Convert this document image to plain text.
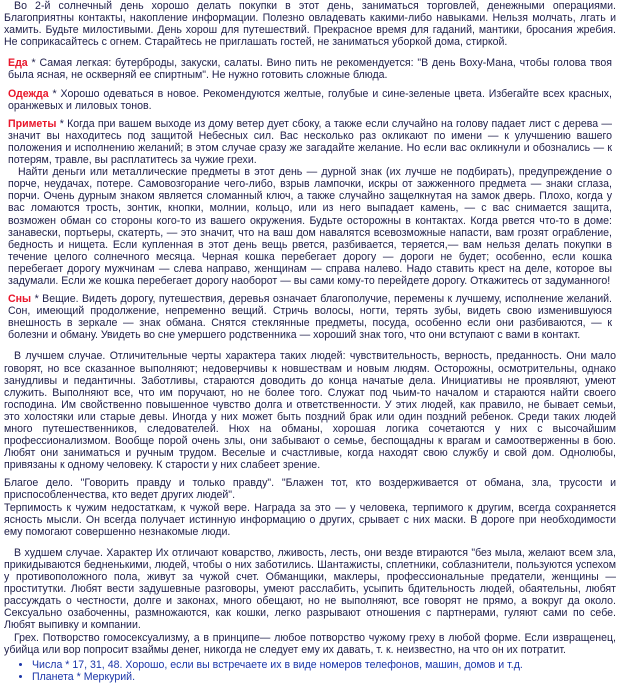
Во 2-й солнечный день хорошо делать покупки в этот день, заниматься торговлей, денежными операциями. Благоприятны контакты, накопление информации. Полезно овладевать какими-либо навыками. Нельзя молчать, лгать и хамить. Будьте милостивыми. День хорош для путешествий. Прекрасное время для гаданий, мантики, бросания жребия. Не соприкасайтесь с огнем. Старайтесь не приглашать гостей, не заниматься уборкой дома, стиркой.

Еда * Самая легкая: бутерброды, закуски, салаты. Вино пить не рекомендуется: "В день Воху-Мана, чтобы голова твоя была ясная, не оскверняй ее спиртным". Не нужно готовить сложные блюда.

Одежда * Хорошо одеваться в новое. Рекомендуются желтые, голубые и сине-зеленые цвета. Избегайте всех красных, оранжевых и лиловых тонов.

Приметы * Когда при вашем выходе из дому ветер дует сбоку, а также если случайно на голову падает лист с дерева — значит вы находитесь под защитой Небесных сил. Вас несколько раз окликают по имени — к улучшению вашего положения и исполнению желаний; в этом случае сразу же загадайте желание. Но если вас окликнули и обознались — к потерям, травле, вы расплатитесь за чужие грехи.

Найти деньги или металлические предметы в этот день — дурной знак (их лучше не подбирать), предупреждение о порче, неудачах, потере. Самовозгорание чего-либо, взрыв лампочки, искры от зажженного предмета — знаки сглаза, порчи. Очень дурным знаком является сломанный ключ, а также случайно защелкнутая на замок дверь. Плохо, когда у вас ломаются трость, зонтик, кнопки, молнии, кольцо, или из него выпадает камень, — с вас снимается защита, возможен обман со стороны кого-то из вашего окружения. Будьте осторожны в контактах. Когда рвется что-то в доме: занавески, портьеры, скатерть, — это значит, что на ваш дом навалятся всевозможные напасти, вам грозят ограбление, бедность и нищета. Если купленная в этот день вещь рвется, разбивается, теряется,— вам нельзя делать покупки в течение целого солнечного месяца. Черная кошка перебегает дорогу — дороги не будет; особенно, если кошка перебегает дорогу мужчинам — слева направо, женщинам — справа налево. Надо ставить крест на деле, которое вы задумали. Если же кошка перебегает дорогу наоборот — вы сами кому-то перейдете дорогу. Откажитесь от задуманного!

Сны * Вещие. Видеть дорогу, путешествия, деревья означает благополучие, перемены к лучшему, исполнение желаний. Сон, имеющий продолжение, непременно вещий. Стричь волосы, ногти, терять зубы, видеть свою изменившуюся внешность в зеркале — знак обмана. Снятся стеклянные предметы, посуда, особенно если они разбиваются, — к болезни и обману. Увидеть во сне умершего родственника — хороший знак того, что они вступают с вами в контакт.

В лучшем случае. Отличительные черты характера таких людей: чувствительность, верность, преданность. Они мало говорят, но все сказанное выполняют; недоверчивы к новшествам и новым людям. Осторожны, осмотрительны, однако занудливы и педантичны. Заботливы, стараются доводить до конца начатые дела. Инициативы не проявляют, умеют служить. Выполняют все, что им поручают, но не более того. Служат под чьим-то началом и стараются найти своего господина. Им свойственно повышенное чувство долга и ответственности. У этих людей, как правило, не бывает семьи, это холостяки или старые девы. Иногда у них может быть поздний брак или один поздний ребенок. Среди таких людей много путешественников, следователей. Нюх на обманы, хорошая логика сочетаются у них с высочайшим профессионализмом. Вообще порой очень злы, они забывают о семье, беспощадны к врагам и самоотверженны в бою. Любят они заниматься и ручным трудом. Веселые и счастливые, когда находят свою службу и свой дом. Однолюбы, привязаны к одному человеку. К старости у них слабеет зрение.

Благое дело. "Говорить правду и только правду". "Блажен тот, кто воздерживается от обмана, зла, трусости и приспособленчества, кто ведет других людей".

Терпимость к чужим недостаткам, к чужой вере. Награда за это — у человека, терпимого к другим, всегда сохраняется ясность мысли. Он всегда получает истинную информацию о других, срывает с них маски. В дороге при необходимости ему помогают совершенно незнакомые люди.

В худшем случае. Характер Их отличают коварство, лживость, лесть, они везде втираются "без мыла, желают всем зла, прикидываются бедненькими, людей, чтобы о них заботились. Шантажисты, сплетники, соблазнители, пользуются успехом у противоположного пола, живут за чужой счет. Обманщики, маклеры, профессиональные предатели, женщины — проститутки. Любят вести задушевные разговоры, умеют расслабить, усыпить бдительность людей, обаятельны, любят рассуждать о честности, долге и законах, много обещают, но не выполняют, все говорят не прямо, а вокруг да около. Сексуально озабоченны, размножаются, как кошки, легко разрывают отношения с партнерами, гуляют сами по себе. Любят выпивку и компании.

Грех. Потворство гомосексуализму, а в принципе— любое потворство чужому греху в любой форме. Если извращенец, убийца или вор попросит взаймы денег, никогда не следует ему их давать, т. к. неизвестно, на что он их потратит.

• Числа * 17, 31, 48. Хорошо, если вы встречаете их в виде номеров телефонов, машин, домов и т.д.
• Планета * Меркурий.
